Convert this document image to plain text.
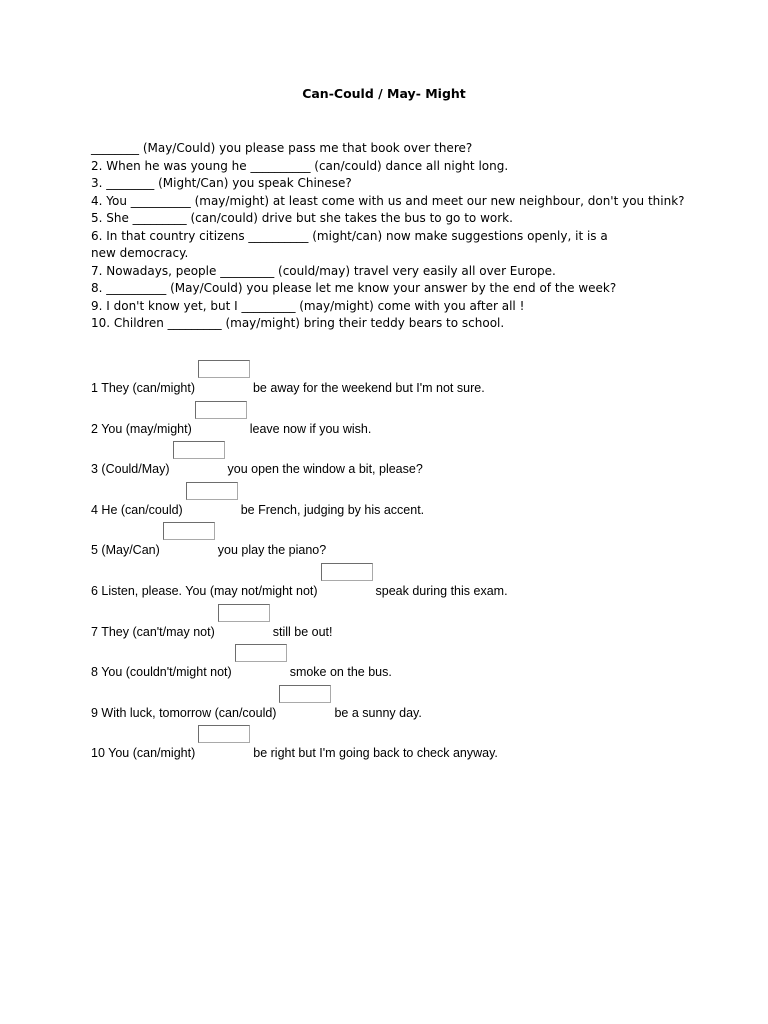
Can-Could / May- Might
________ (May/Could) you please pass me that book over there?
2. When he was young he __________ (can/could) dance all night long.
3. ________ (Might/Can) you speak Chinese?
4. You __________ (may/might) at least come with us and meet our new neighbour, don't you think?
5. She _________ (can/could) drive but she takes the bus to go to work.
6. In that country citizens __________ (might/can) now make suggestions openly, it is a new democracy.
7. Nowadays, people _________ (could/may) travel very easily all over Europe.
8. __________ (May/Could) you please let me know your answer by the end of the week?
9. I don't know yet, but I _________ (may/might) come with you after all !
10. Children _________ (may/might) bring their teddy bears to school.
1 They (can/might)	be away for the weekend but I'm not sure.
2 You (may/might)	leave now if you wish.
3 (Could/May)	you open the window a bit, please?
4 He (can/could)	be French, judging by his accent.
5 (May/Can)	you play the piano?
6 Listen, please. You (may not/might not)	speak during this exam.
7 They (can't/may not)	still be out!
8 You (couldn't/might not)	smoke on the bus.
9 With luck, tomorrow (can/could)	be a sunny day.
10 You (can/might)	be right but I'm going back to check anyway.
